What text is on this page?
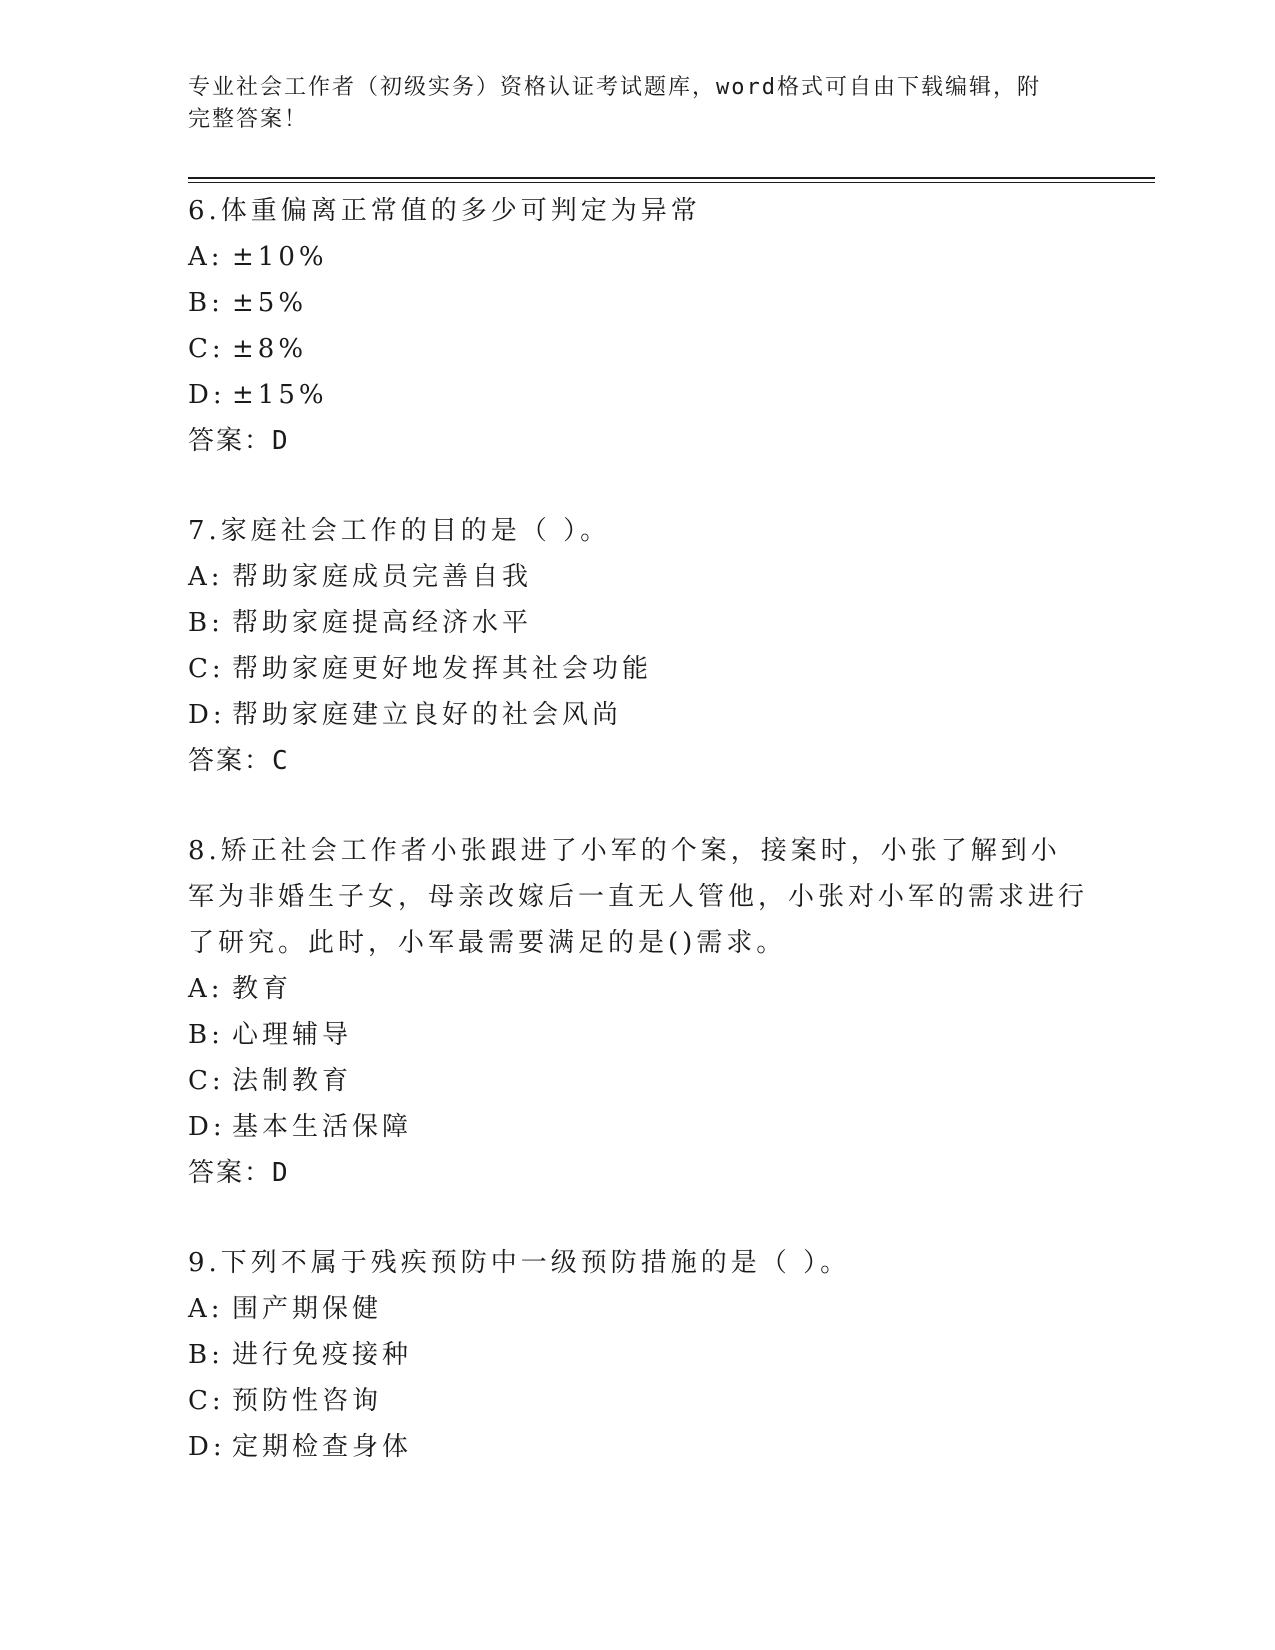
专业社会工作者（初级实务）资格认证考试题库，word格式可自由下载编辑，附
完整答案！
6.体重偏离正常值的多少可判定为异常
A: ±10%
B: ±5%
C: ±8%
D: ±15%
答案：D
7.家庭社会工作的目的是（ ）。
A: 帮助家庭成员完善自我
B: 帮助家庭提高经济水平
C: 帮助家庭更好地发挥其社会功能
D: 帮助家庭建立良好的社会风尚
答案：C
8.矫正社会工作者小张跟进了小军的个案，接案时，小张了解到小军为非婚生子女，母亲改嫁后一直无人管他，小张对小军的需求进行了研究。此时，小军最需要满足的是()需求。
A: 教育
B: 心理辅导
C: 法制教育
D: 基本生活保障
答案：D
9.下列不属于残疾预防中一级预防措施的是（ ）。
A: 围产期保健
B: 进行免疫接种
C: 预防性咨询
D: 定期检查身体
